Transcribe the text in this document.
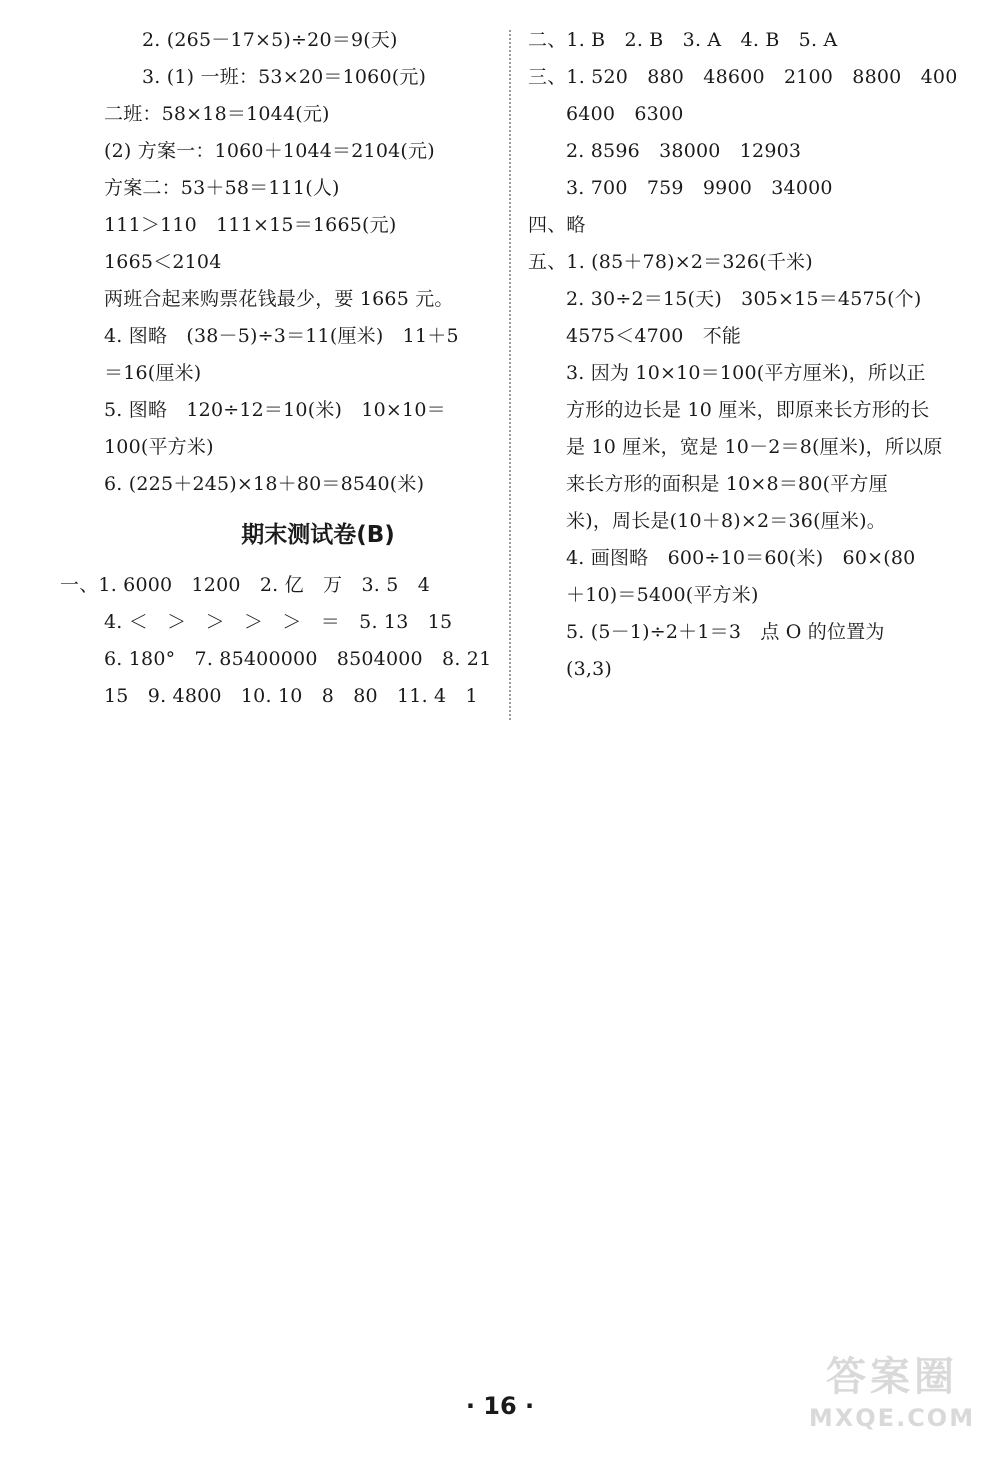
2. (265－17×5)÷20＝9(天)
3. (1) 一班：53×20＝1060(元)
二班：58×18＝1044(元)
(2) 方案一：1060＋1044＝2104(元)
方案二：53＋58＝111(人)
111＞110　111×15＝1665(元)
1665＜2104
两班合起来购票花钱最少，要 1665 元。
4. 图略　(38－5)÷3＝11(厘米)　11＋5
＝16(厘米)
5. 图略　120÷12＝10(米)　10×10＝
100(平方米)
6. (225＋245)×18＋80＝8540(米)
期末测试卷(B)
一、1. 6000　1200　2. 亿　万　3. 5　4
4. ＜　＞　＞　＞　＞　＝　5. 13　15
6. 180°　7. 85400000　8504000　8. 21
15　9. 4800　10. 10　8　80　11. 4　1
二、1. B　2. B　3. A　4. B　5. A
三、1. 520　880　48600　2100　8800　400
6400　6300
2. 8596　38000　12903
3. 700　759　9900　34000
四、略
五、1. (85＋78)×2＝326(千米)
2. 30÷2＝15(天)　305×15＝4575(个)
4575＜4700　不能
3. 因为 10×10＝100(平方厘米)，所以正
方形的边长是 10 厘米，即原来长方形的长
是 10 厘米，宽是 10－2＝8(厘米)，所以原
来长方形的面积是 10×8＝80(平方厘
米)，周长是(10＋8)×2＝36(厘米)。
4. 画图略　600÷10＝60(米)　60×(80
＋10)＝5400(平方米)
5. (5－1)÷2＋1＝3　点 O 的位置为
(3,3)
· 16 ·
答案圈
MXQE.COM
